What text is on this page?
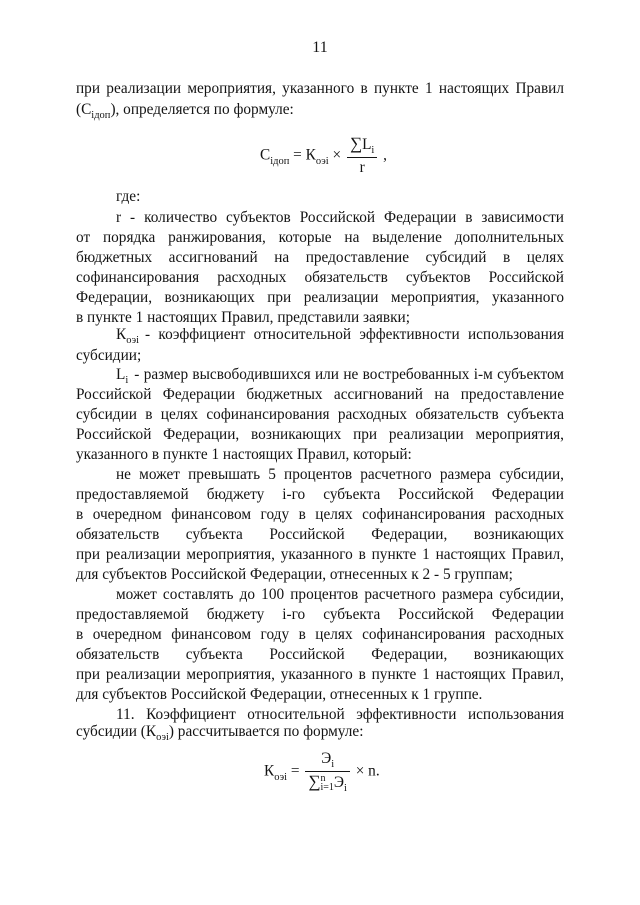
11
при реализации мероприятия, указанного в пункте 1 настоящих Правил
$(С_{iдоп})$, определяется по формуле:
$С_{iдоп} = К_{оэi} \times \frac{\sum L_i}{r}$ ,
где:
r - количество субъектов Российской Федерации в зависимости
от порядка ранжирования, которые на выделение дополнительных
бюджетных ассигнований на предоставление субсидий в целях
софинансирования расходных обязательств субъектов Российской
Федерации, возникающих при реализации мероприятия, указанного
в пункте 1 настоящих Правил, представили заявки;
$К_{оэi}$ - коэффициент относительной эффективности использования
субсидии;
$L_i$ - размер высвободившихся или не востребованных i-м субъектом
Российской Федерации бюджетных ассигнований на предоставление
субсидии в целях софинансирования расходных обязательств субъекта
Российской Федерации, возникающих при реализации мероприятия,
указанного в пункте 1 настоящих Правил, который:
не может превышать 5 процентов расчетного размера субсидии,
предоставляемой бюджету i-го субъекта Российской Федерации
в очередном финансовом году в целях софинансирования расходных
обязательств субъекта Российской Федерации, возникающих
при реализации мероприятия, указанного в пункте 1 настоящих Правил,
для субъектов Российской Федерации, отнесенных к 2 - 5 группам;
может составлять до 100 процентов расчетного размера субсидии,
предоставляемой бюджету i-го субъекта Российской Федерации
в очередном финансовом году в целях софинансирования расходных
обязательств субъекта Российской Федерации, возникающих
при реализации мероприятия, указанного в пункте 1 настоящих Правил,
для субъектов Российской Федерации, отнесенных к 1 группе.
11. Коэффициент относительной эффективности использования
субсидии $(К_{оэi})$ рассчитывается по формуле:
$К_{оэi} = Э_i$
∑ n
i=1 $Э_i \times n$.
